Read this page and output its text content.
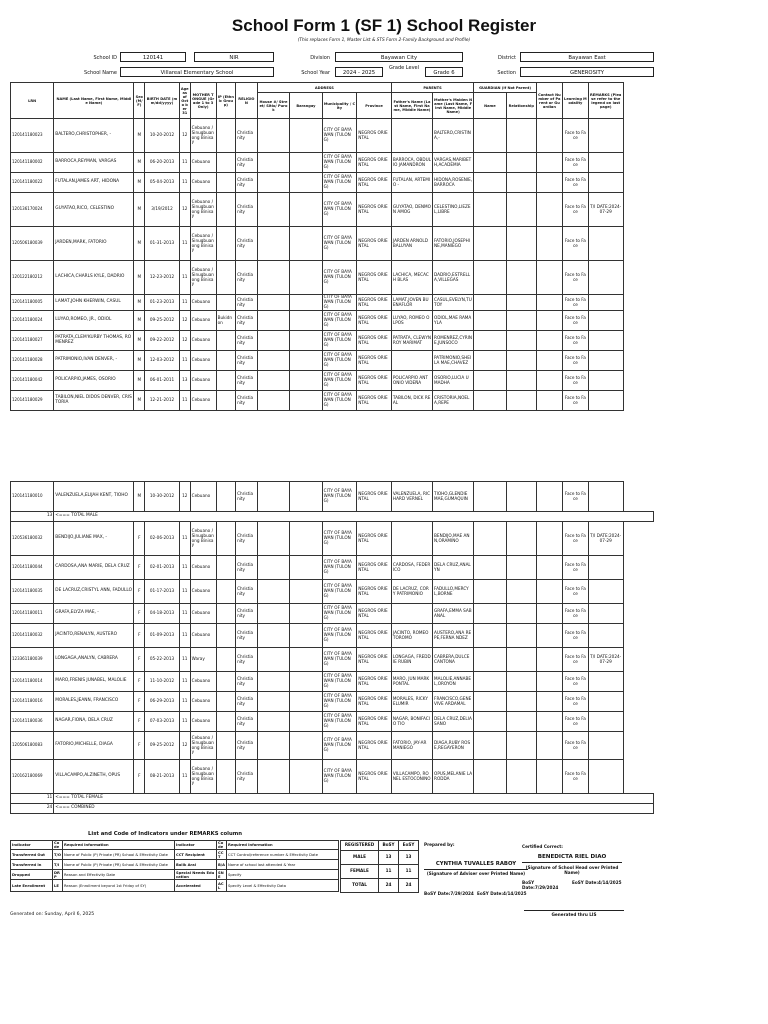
School Form 1 (SF 1) School Register
(This replaces Form 1, Master List & STS Form 2-Family Background and Profile)
School ID	120141	NIR	Division	Bayawan City	District	Bayawan East
School Name	Villareal Elementary School	School Year	2024 - 2025
Grade Level
Grade 6	Section	GENEROSITY
LRN	NAME (Last Name, First Name, Middle Name)	Sex (M/F)	BIRTH DATE (mm/dd/yyyy)	Age as of Octo ber 31	MOTHER TONGUE (Grade 1 to 3 Only)	IP (Ethnic Group)	RELIGION	ADDRESS				PARENTS		GUARDIAN (if Not Parent)		Contact Number of Parent or Guardian	Learning Modality	REMARKS (Please refer to the legend on last page)
								House #/ Street/ Sitio/ Purok	Barangay	Municipality / City	Province	Father's Name (Last Name, First Name, Middle Name)	Mother's Maiden Name (Last Name, First Name, Middle Name)	Name	Relationship			
120141180023	BALTERO,CHRISTOPHER, -	M	10-20-2012	12	Cebuano / Sinugbuanong Binisay		Christianity			CITY OF BAYAWAN (TULONG)	NEGROS ORIENTAL		BALTERO,CRISTINA,-				Face to Face	
120141180002	BARROCA,REYMAN, VARGAS	M	06-20-2013	11	Cebuano		Christianity			CITY OF BAYAWAN (TULONG)	NEGROS ORIENTAL	BARROCA, OBDULIO JAMANDRON	VARGAS,MARIBETH,ACADEMIA				Face to Face	
120141180022	FUTALAN,JAMES ART, HIDONA	M	05-04-2013	11	Cebuano		Christianity			CITY OF BAYAWAN (TULONG)	NEGROS ORIENTAL	FUTALAN, ARTEMIO -	HIDONA,ROSENIE,BARROCA				Face to Face	
120136170024	GUYATAO,RICO, CELESTINO	M	3/19/2012	12	Cebuano / Sinugbuanong Binisay		Christianity			CITY OF BAYAWAN (TULONG)	NEGROS ORIENTAL	GUYATAO, DENMON AMOG	CELESTINO,LIEZEL,LIBRE				Face to Face	T/I DATE:2024-07-29
120506180039	JARDEN,MARK, FATORIO	M	01-31-2013	11	Cebuano / Sinugbuanong Binisay		Christianity			CITY OF BAYAWAN (TULONG)	NEGROS ORIENTAL	JARDEN ARNOLD BALUYAN	FATORIO,JOSEPHINE,MANIEGO				Face to Face	
120122180212	LACHICA,CHARLS KYLE, DADRIO	M	12-23-2012	11	Cebuano / Sinugbuanong Binisay		Christianity			CITY OF BAYAWAN (TULONG)	NEGROS ORIENTAL	LACHICA, MECACH BLAS	DADRIO,ESTRELLA,VILLEGAS				Face to Face	
120141180005	LAMAT,JOHN KHERWIN, CASUL	M	01-23-2013	11	Cebuano		Christianity			CITY OF BAYAWAN (TULONG)	NEGROS ORIENTAL	LAMAT,JOVEN BUENAFLOR	CASUL,EVELYN,TUTOY				Face to Face	
120141180024	LUYAO,ROMEO, JR., ODIOL	M	09-25-2012	12	Cebuano	Bukidnon	Christianity			CITY OF BAYAWAN (TULONG)	NEGROS ORIENTAL	LUYAO, ROMEO OLPOS	ODIOL,MAE RAMAYLA				Face to Face	
120141180027	PATRATA,CLEM'KURBY THOMAS, ROMENREZ	M	09-22-2012	12	Cebuano		Christianity			CITY OF BAYAWAN (TULONG)	NEGROS ORIENTAL	PATRATA, CLEWYN ROY MARIMAT	ROMENREZ,CYRINE,JUNSOCO				Face to Face	
120141180028	PATRIMONIO,IVAN DENVER, -	M	12-03-2012	11	Cebuano		Christianity			CITY OF BAYAWAN (TULONG)	NEGROS ORIENTAL		PATRIMONIO,SHEILA MAE,CHAVEZ				Face to Face	
120141180042	POLICARPIO,JAMES, OSORIO	M	06-01-2011	13	Cebuano		Christianity			CITY OF BAYAWAN (TULONG)	NEGROS ORIENTAL	POLICARPIO ANTONIO VIDEÑA	OSORIO,LUCIA UMADHA				Face to Face	
120141180029	TABILON,NIEL DIDOS DENVER, CRISTORIA	M	12-21-2012	11	Cebuano		Christianity			CITY OF BAYAWAN (TULONG)	NEGROS ORIENTAL	TABILON, DICK REAL	CRISTORIA,NOELA,REPE				Face to Face	
120141180010	VALENZUELA,ELIJAH KENT, TIOHO	M	10-30-2012	12	Cebuano		Christianity			CITY OF BAYAWAN (TULONG)	NEGROS ORIENTAL	VALENZUELA, RICHARD VERNEL	TIOHO,GLENDIE MAE,GUMAQUIN				Face to Face	
13	<=== TOTAL MALE																	
120536180032	BENDIJO,JULIANE MAX, -	F	02-06-2013	11	Cebuano / Sinugbuanong Binisay		Christianity			CITY OF BAYAWAN (TULONG)	NEGROS ORIENTAL		BENDIJO,MAE ANN,ORAMINO				Face to Face	T/I DATE:2024-07-29
120141180044	CARDOSA,ANA MARIE, DELA CRUZ	F	02-01-2013	11	Cebuano		Christianity			CITY OF BAYAWAN (TULONG)	NEGROS ORIENTAL	CARDOSA, FEDERICO	DELA CRUZ,ANALYN				Face to Face	
120141180035	DE LACRUZ,CRISTYL ANN, FADULLO	F	01-17-2013	11	Cebuano		Christianity			CITY OF BAYAWAN (TULONG)	NEGROS ORIENTAL	DE LACRUZ, CORY PATRIMONIO	FADULLO,MERCYL,BORNE				Face to Face	
120141180011	GRAFA,ELYZA MAE, -	F	04-18-2013	11	Cebuano		Christianity			CITY OF BAYAWAN (TULONG)	NEGROS ORIENTAL		GRAFA,EMMA SABANAL				Face to Face	
120141180032	JACINTO,RENALYN, AUSTERO	F	01-09-2013	11	Cebuano		Christianity			CITY OF BAYAWAN (TULONG)	NEGROS ORIENTAL	JACINTO, ROMEO TOROMO	AUSTERO,ANA REPE,FERNA NDEZ				Face to Face	
123361180039	LONGAGA,ANALYN, CABRERA	F	05-22-2013	11	Waray		Christianity			CITY OF BAYAWAN (TULONG)	NEGROS ORIENTAL	LONGAGA, FREDDIE RUBIN	CABRERA,DULCE CANTONA				Face to Face	T/I DATE:2024-07-29
120141180014	MARO,FRENIS JUNABEL, MALOLIE	F	11-10-2012	11	Cebuano		Christianity			CITY OF BAYAWAN (TULONG)	NEGROS ORIENTAL	MARO, JUN MARK PONTAL	MALOLIE,ANNABEL,OROYON				Face to Face	
120141180016	MORALES,JEANN, FRANCISCO	F	06-29-2013	11	Cebuano		Christianity			CITY OF BAYAWAN (TULONG)	NEGROS ORIENTAL	MORALES, RICKY ELUMIR	FRANCISCO,GENEVIVE ARDAMAL				Face to Face	
120141180036	NAGAR,FIONA, DELA CRUZ	F	07-03-2013	11	Cebuano		Christianity			CITY OF BAYAWAN (TULONG)	NEGROS ORIENTAL	NAGAR, BONIFACIO TIO	DELA CRUZ,DELIA SANO				Face to Face	
120506180083	FATORIO,MICHELLE, DIAGA	F	09-25-2012	12	Cebuano / Sinugbuanong Binisay		Christianity			CITY OF BAYAWAN (TULONG)	NEGROS ORIENTAL	FATORIO, JAY-AR MANIEGO	DIAGA,RUBY ROSE,REGAYERON				Face to Face	
120162180069	VILLACAMPO,ALZINETH, OPUS	F	08-21-2013	11	Cebuano / Sinugbuanong Binisay		Christianity			CITY OF BAYAWAN (TULONG)	NEGROS ORIENTAL	VILLACAMPO, RONEL ESTOCONINO	OPUS,MELANIE LARODDA				Face to Face	
11	<=== TOTAL FEMALE																	
24	<=== COMBINED																	
List and Code of Indicators under REMARKS column
Indicator	Code	Required Information	Indicator	Code	Required Information
Transferred Out	T/O	Name of Public (P) Private (PR) School & Effectivity Date	CCT Recipient	CCT	CCT Control/reference number & Effectivity Date
Transferred In	T/I	Name of Public (P) Private (PR) School & Effectivity Date	Balik Aral	B/A	Name of school last attended & Year
Dropped	DRP	Reason and Effectivity Date	Special Needs Education	SNE	Specify
Late Enrollment	LE	Reason (Enrollment beyond 1st Friday of SY)	Accelerated	ACL	Specify Level & Effectivity Data
REGISTERED	BoSY	EoSY
MALE	13	13
FEMALE	11	11
TOTAL	24	24
Prepared by:
CYNTHIA TUVALLES RABOY
(Signature of Adviser over Printed Name)
BoSY Date:7/29/2024 EoSY Date:4/14/2025
Certified Correct:
BENEDICTA RIEL DIAO
(Signature of School Head over Printed Name)
BoSY Date:7/29/2024
EoSY Date:4/14/2025
Generated thru LIS
Generated on: Sunday, April 6, 2025
